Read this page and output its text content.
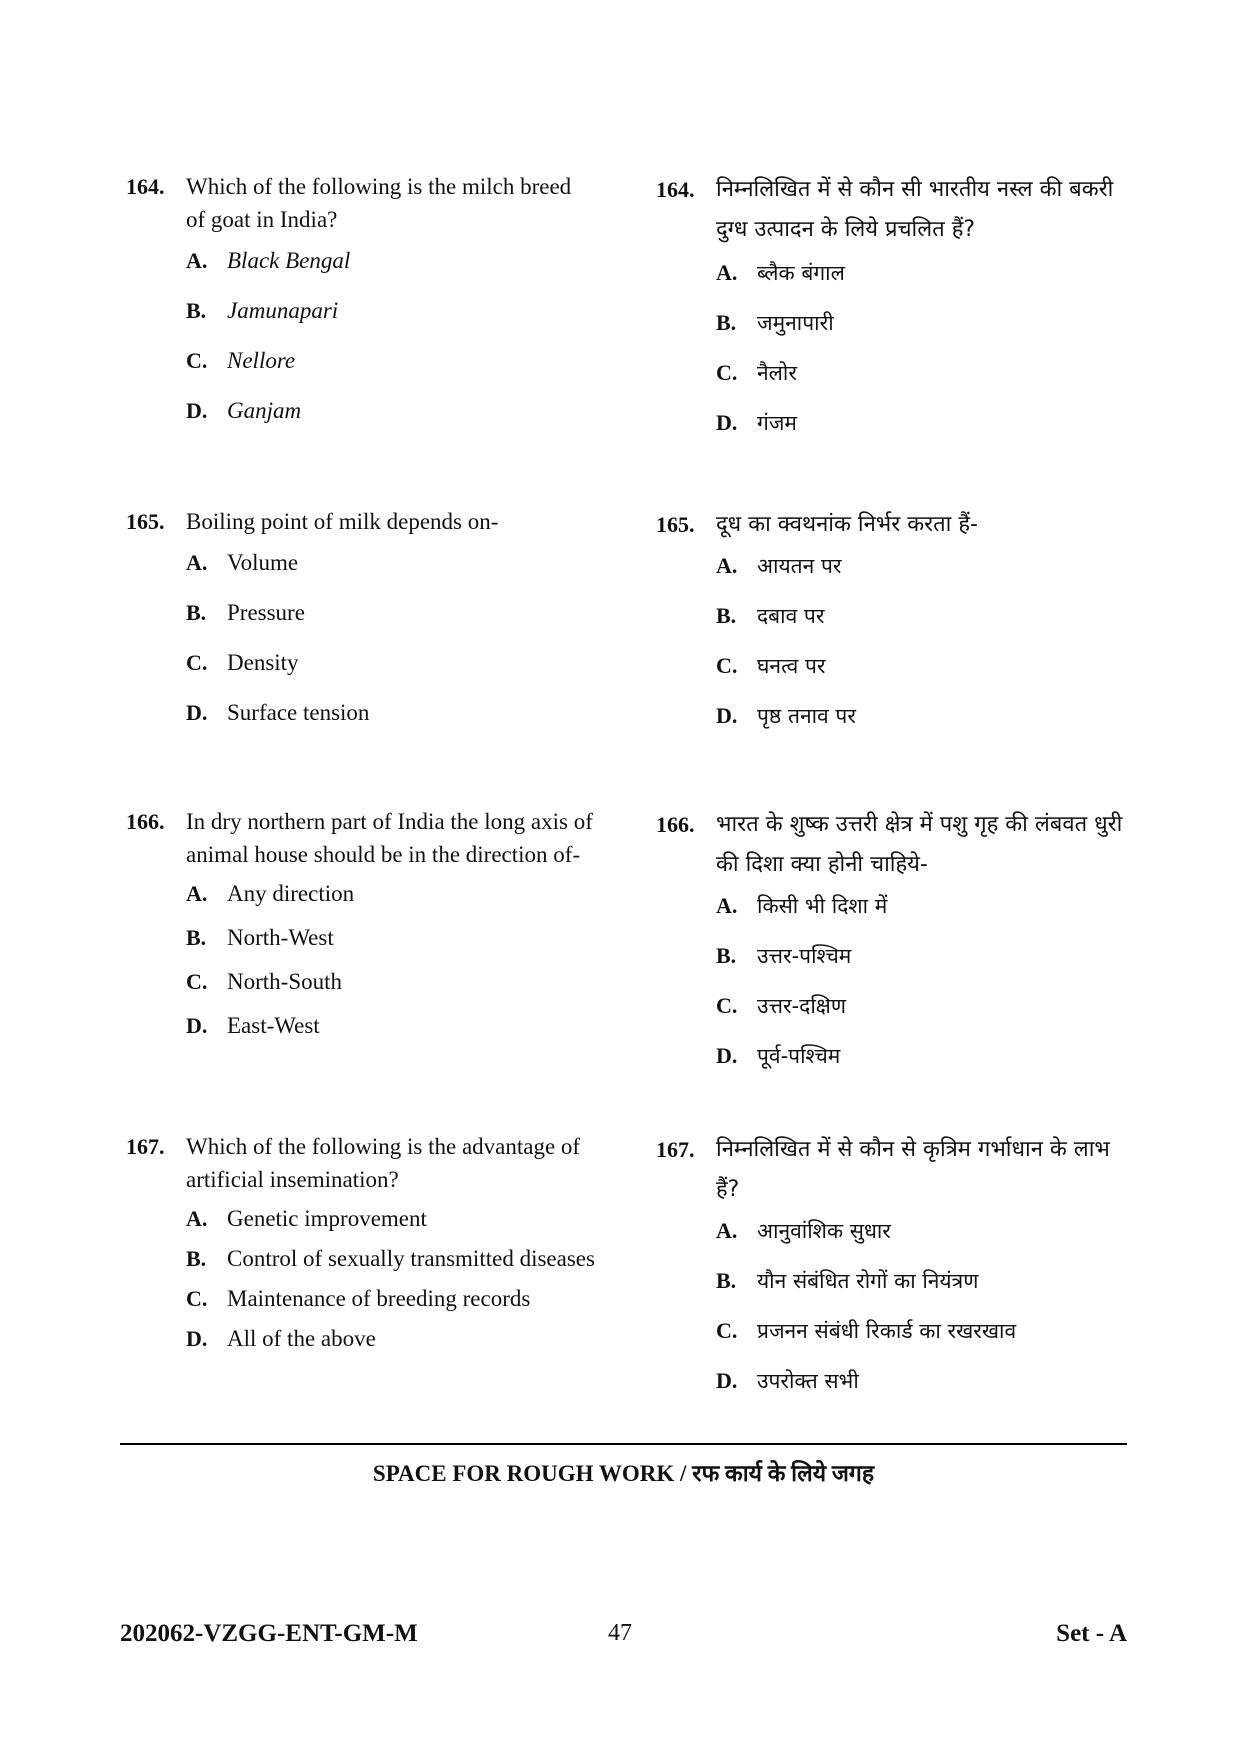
164. Which of the following is the milch breed of goat in India?
A. Black Bengal
B. Jamunapari
C. Nellore
D. Ganjam
165. Boiling point of milk depends on-
A. Volume
B. Pressure
C. Density
D. Surface tension
166. In dry northern part of India the long axis of animal house should be in the direction of-
A. Any direction
B. North-West
C. North-South
D. East-West
167. Which of the following is the advantage of artificial insemination?
A. Genetic improvement
B. Control of sexually transmitted diseases
C. Maintenance of breeding records
D. All of the above
164. निम्नलिखित में से कौन सी भारतीय नस्ल की बकरी दुग्ध उत्पादन के लिये प्रचलित हैं?
A. ब्लैक बंगाल
B. जमुनापारी
C. नैलोर
D. गंजम
165. दूध का क्वथनांक निर्भर करता हैं-
A. आयतन पर
B. दबाव पर
C. घनत्व पर
D. पृष्ठ तनाव पर
166. भारत के शुष्क उत्तरी क्षेत्र में पशु गृह की लंबवत धुरी की दिशा क्या होनी चाहिये-
A. किसी भी दिशा में
B. उत्तर-पश्चिम
C. उत्तर-दक्षिण
D. पूर्व-पश्चिम
167. निम्नलिखित में से कौन से कृत्रिम गर्भाधान के लाभ हैं?
A. आनुवांशिक सुधार
B. यौन संबंधित रोगों का नियंत्रण
C. प्रजनन संबंधी रिकार्ड का रखरखाव
D. उपरोक्त सभी
SPACE FOR ROUGH WORK / रफ कार्य के लिये जगह
202062-VZGG-ENT-GM-M	47	Set - A
